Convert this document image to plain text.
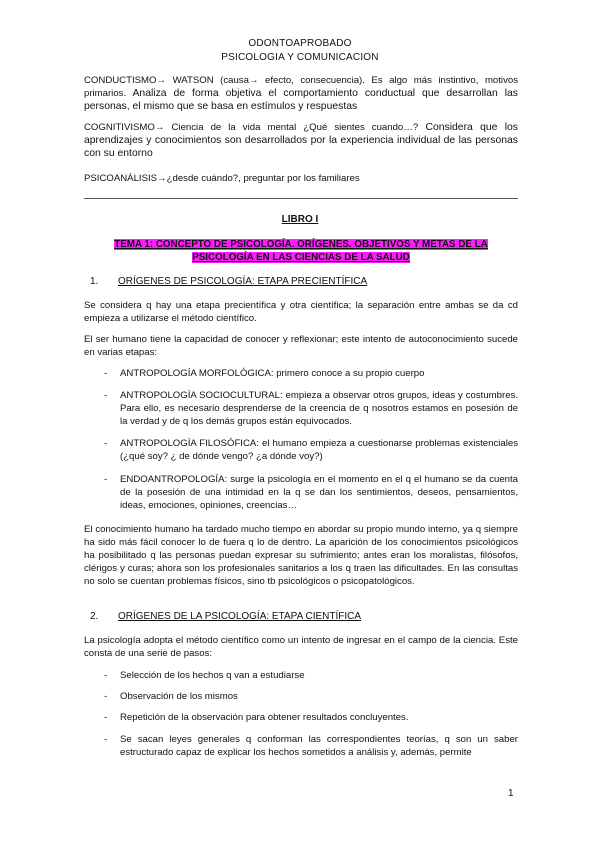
ODONTOAPROBADO
PSICOLOGIA Y COMUNICACION
CONDUCTISMO→ WATSON (causa→ efecto, consecuencia). Es algo más instintivo, motivos primarios. Analiza de forma objetiva el comportamiento conductual que desarrollan las personas, el mismo que se basa en estímulos y respuestas
COGNITIVISMO→ Ciencia de la vida mental ¿Qué sientes cuando…? Considera que los aprendizajes y conocimientos son desarrollados por la experiencia individual de las personas con su entorno
PSICOANÁLISIS→¿desde cuándo?, preguntar por los familiares
LIBRO I
TEMA 1: CONCEPTO DE PSICOLOGÍA. ORÍGENES. OBJETIVOS Y METAS DE LA PSICOLOGÍA EN LAS CIENCIAS DE LA SALUD
1. ORÍGENES DE PSICOLOGÍA: ETAPA PRECIENTÍFICA
Se considera q hay una etapa precientífica y otra científica; la separación entre ambas se da cd empieza a utilizarse el método científico.
El ser humano tiene la capacidad de conocer y reflexionar; este intento de autoconocimiento sucede en varias etapas:
- ANTROPOLOGÍA MORFOLÓGICA: primero conoce a su propio cuerpo
- ANTROPOLOGÍA SOCIOCULTURAL: empieza a observar otros grupos, ideas y costumbres. Para ello, es necesario desprenderse de la creencia de q nosotros estamos en posesión de la verdad y de q los demás grupos están equivocados.
- ANTROPOLOGÍA FILOSÓFICA: el humano empieza a cuestionarse problemas existenciales (¿qué soy? ¿ de dónde vengo? ¿a dónde voy?)
- ENDOANTROPOLOGÍA: surge la psicología en el momento en el q el humano se da cuenta de la posesión de una intimidad en la q se dan los sentimientos, deseos, pensamientos, ideas, emociones, opiniones, creencias…
El conocimiento humano ha tardado mucho tiempo en abordar su propio mundo interno, ya q siempre ha sido más fácil conocer lo de fuera q lo de dentro. La aparición de los conocimientos psicológicos ha posibilitado q las personas puedan expresar su sufrimiento; antes eran los moralistas, filósofos, clérigos y curas; ahora son los profesionales sanitarios a los q traen las dificultades. En las consultas no solo se cuentan problemas físicos, sino tb psicológicos o psicopatológicos.
2. ORÍGENES DE LA PSICOLOGÍA: ETAPA CIENTÍFICA
La psicología adopta el método científico como un intento de ingresar en el campo de la ciencia. Este consta de una serie de pasos:
- Selección de los hechos q van a estudiarse
- Observación de los mismos
- Repetición de la observación para obtener resultados concluyentes.
- Se sacan leyes generales q conforman las correspondientes teorías, q son un saber estructurado capaz de explicar los hechos sometidos a análisis y, además, permite
1
